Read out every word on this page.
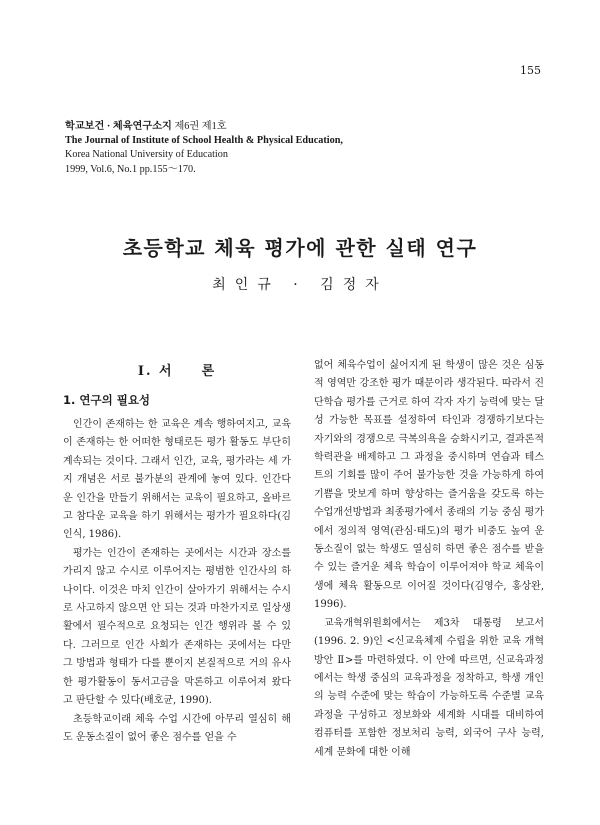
155
학교보건 · 체육연구소지 제6권 제1호
The Journal of Institute of School Health & Physical Education,
Korea National University of Education
1999, Vol.6, No.1 pp.155～170.
초등학교 체육 평가에 관한 실태 연구
최인규 · 김정자
I. 서 론
1. 연구의 필요성

인간이 존재하는 한 교육은 계속 행하여지고, 교육이 존재하는 한 어떠한 형태로든 평가 활동도 부단히 계속되는 것이다. 그래서 인간, 교육, 평가라는 세 가지 개념은 서로 불가분의 관계에 놓여 있다. 인간다운 인간을 만들기 위해서는 교육이 필요하고, 올바르고 참다운 교육을 하기 위해서는 평가가 필요하다(김인식, 1986).

평가는 인간이 존재하는 곳에서는 시간과 장소를 가리지 않고 수시로 이루어지는 평범한 인간사의 하나이다. 이것은 마치 인간이 살아가기 위해서는 수시로 사고하지 않으면 안 되는 것과 마찬가지로 일상생활에서 필수적으로 요청되는 인간 행위라 볼 수 있다. 그러므로 인간 사회가 존재하는 곳에서는 다만 그 방법과 형태가 다를 뿐이지 본질적으로 거의 유사한 평가활동이 동서고금을 막론하고 이루어져 왔다고 판단할 수 있다(배호균, 1990).

초등학교이래 체육 수업 시간에 아무리 열심히 해도 운동소질이 없어 좋은 점수를 얻을 수

없어 체육수업이 싫어지게 된 학생이 많은 것은 심동적 영역만 강조한 평가 때문이라 생각된다. 따라서 진단학습 평가를 근거로 하여 각자 자기 능력에 맞는 달성 가능한 목표를 설정하여 타인과 경쟁하기보다는 자기와의 경쟁으로 극복의욕을 승화시키고, 결과론적 학력관을 배제하고 그 과정을 중시하며 연습과 테스트의 기회를 많이 주어 불가능한 것을 가능하게 하여 기쁨을 맛보게 하며 향상하는 즐거움을 갖도록 하는 수업개선방법과 최종평가에서 종래의 기능 중심 평가에서 정의적 영역(관심·태도)의 평가 비중도 높여 운동소질이 없는 학생도 열심히 하면 좋은 점수를 받을 수 있는 즐거운 체육 학습이 이루어져야 학교 체육이 생에 체육 활동으로 이어질 것이다(김영수, 홍상완, 1996).

교육개혁위원회에서는 제3차 대통령 보고서(1996. 2. 9)인 <신교육체제 수립을 위한 교육 개혁 방안 Ⅱ>를 마련하였다. 이 안에 따르면, 신교육과정에서는 학생 중심의 교육과정을 정착하고, 학생 개인의 능력 수준에 맞는 학습이 가능하도록 수준별 교육과정을 구성하고 정보화와 세계화 시대를 대비하여 컴퓨터를 포함한 정보처리 능력, 외국어 구사 능력, 세계 문화에 대한 이해
